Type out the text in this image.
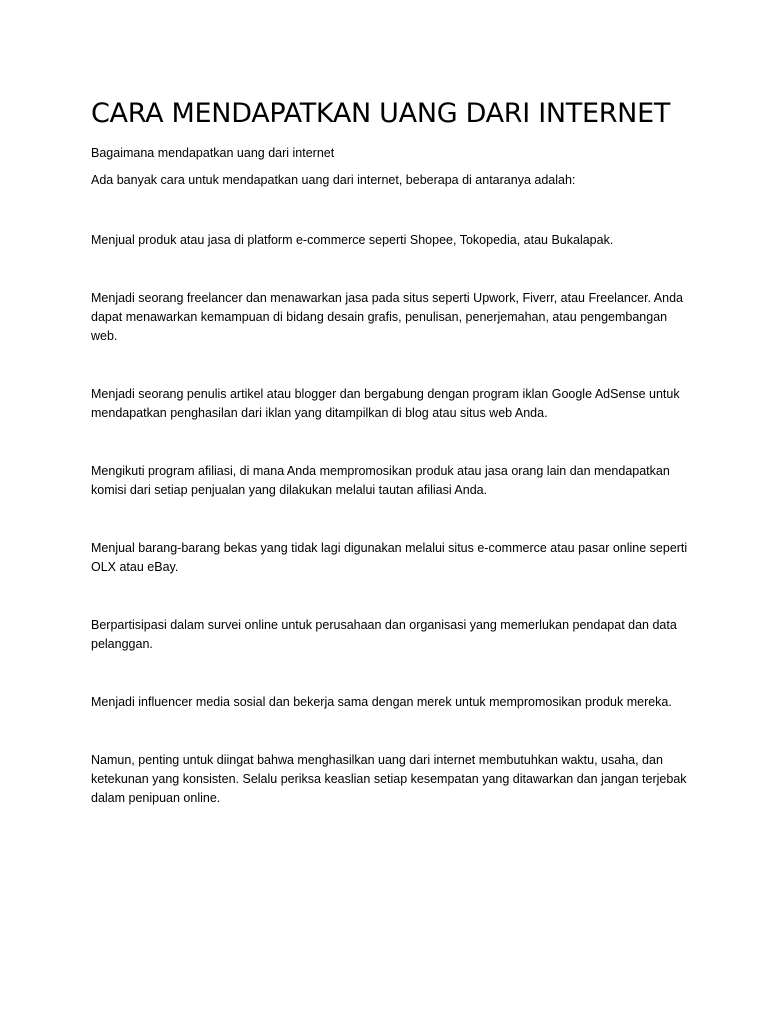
CARA MENDAPATKAN UANG DARI INTERNET

Bagaimana mendapatkan uang dari internet

Ada banyak cara untuk mendapatkan uang dari internet, beberapa di antaranya adalah:

Menjual produk atau jasa di platform e-commerce seperti Shopee, Tokopedia, atau Bukalapak.

Menjadi seorang freelancer dan menawarkan jasa pada situs seperti Upwork, Fiverr, atau Freelancer. Anda dapat menawarkan kemampuan di bidang desain grafis, penulisan, penerjemahan, atau pengembangan web.

Menjadi seorang penulis artikel atau blogger dan bergabung dengan program iklan Google AdSense untuk mendapatkan penghasilan dari iklan yang ditampilkan di blog atau situs web Anda.

Mengikuti program afiliasi, di mana Anda mempromosikan produk atau jasa orang lain dan mendapatkan komisi dari setiap penjualan yang dilakukan melalui tautan afiliasi Anda.

Menjual barang-barang bekas yang tidak lagi digunakan melalui situs e-commerce atau pasar online seperti OLX atau eBay.

Berpartisipasi dalam survei online untuk perusahaan dan organisasi yang memerlukan pendapat dan data pelanggan.

Menjadi influencer media sosial dan bekerja sama dengan merek untuk mempromosikan produk mereka.

Namun, penting untuk diingat bahwa menghasilkan uang dari internet membutuhkan waktu, usaha, dan ketekunan yang konsisten. Selalu periksa keaslian setiap kesempatan yang ditawarkan dan jangan terjebak dalam penipuan online.
